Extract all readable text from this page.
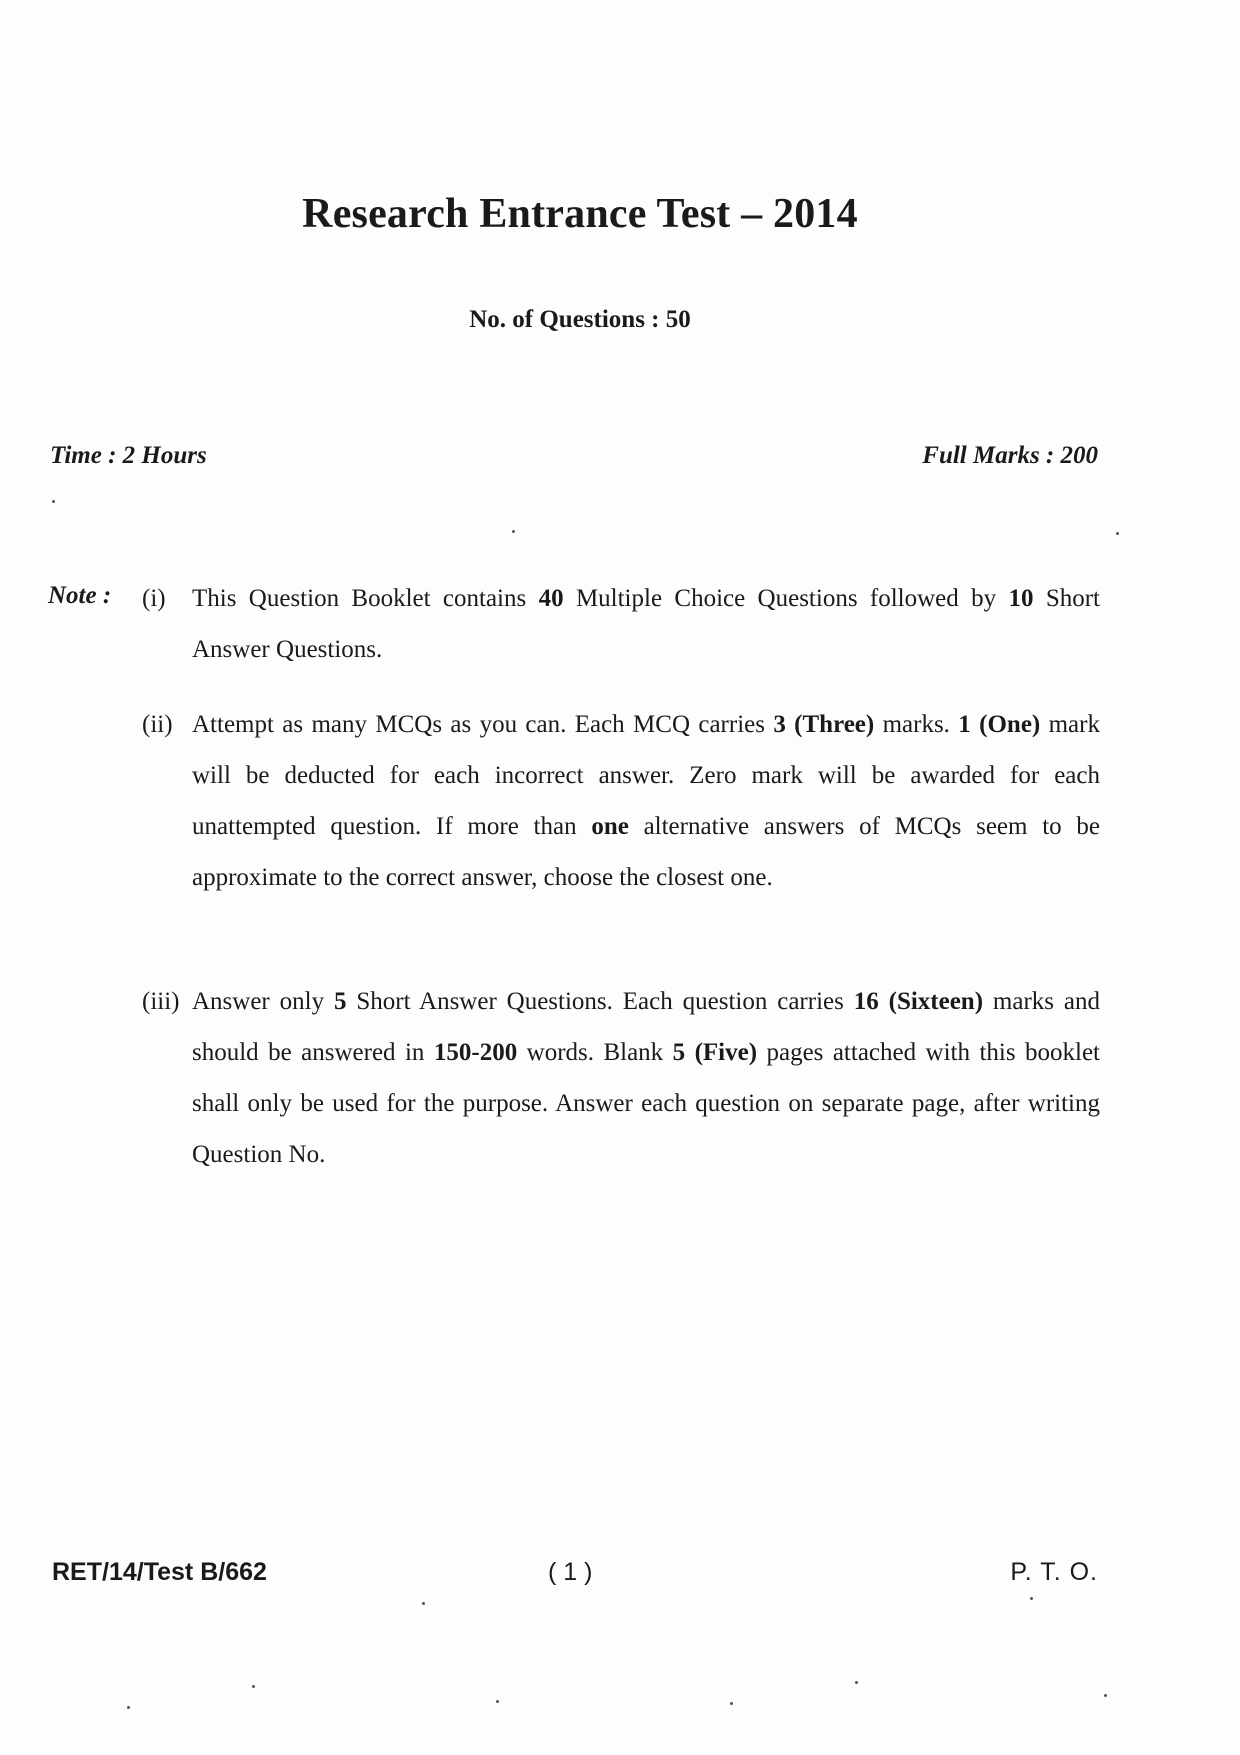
Research Entrance Test – 2014
No. of Questions : 50
Time : 2 Hours	Full Marks : 200
Note : (i) This Question Booklet contains 40 Multiple Choice Questions followed by 10 Short Answer Questions.
(ii) Attempt as many MCQs as you can. Each MCQ carries 3 (Three) marks. 1 (One) mark will be deducted for each incorrect answer. Zero mark will be awarded for each unattempted question. If more than one alternative answers of MCQs seem to be approximate to the correct answer, choose the closest one.
(iii) Answer only 5 Short Answer Questions. Each question carries 16 (Sixteen) marks and should be answered in 150-200 words. Blank 5 (Five) pages attached with this booklet shall only be used for the purpose. Answer each question on separate page, after writing Question No.
RET/14/Test B/662	( 1 )	P. T. O.
